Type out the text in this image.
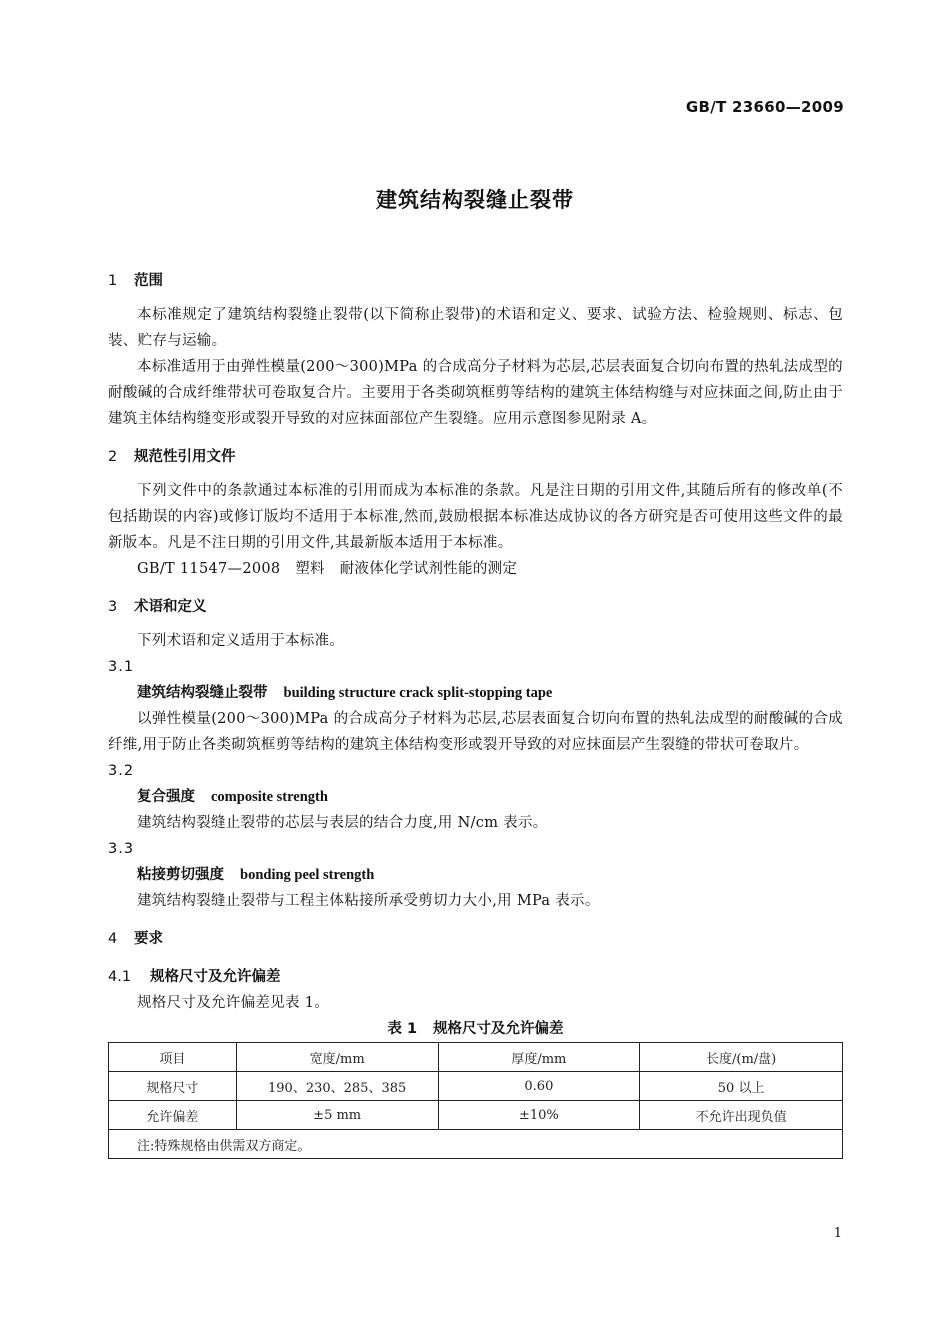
GB/T 23660—2009
建筑结构裂缝止裂带
1 范围

本标准规定了建筑结构裂缝止裂带(以下简称止裂带)的术语和定义、要求、试验方法、检验规则、标志、包装、贮存与运输。

本标准适用于由弹性模量(200～300)MPa 的合成高分子材料为芯层,芯层表面复合切向布置的热轧法成型的耐酸碱的合成纤维带状可卷取复合片。主要用于各类砌筑框剪等结构的建筑主体结构缝与对应抹面之间,防止由于建筑主体结构缝变形或裂开导致的对应抹面部位产生裂缝。应用示意图参见附录 A。

2 规范性引用文件

下列文件中的条款通过本标准的引用而成为本标准的条款。凡是注日期的引用文件,其随后所有的修改单(不包括勘误的内容)或修订版均不适用于本标准,然而,鼓励根据本标准达成协议的各方研究是否可使用这些文件的最新版本。凡是不注日期的引用文件,其最新版本适用于本标准。

GB/T 11547—2008　塑料　耐液体化学试剂性能的测定

3 术语和定义

下列术语和定义适用于本标准。

3.1
建筑结构裂缝止裂带 building structure crack split-stopping tape

以弹性模量(200～300)MPa 的合成高分子材料为芯层,芯层表面复合切向布置的热轧法成型的耐酸碱的合成纤维,用于防止各类砌筑框剪等结构的建筑主体结构变形或裂开导致的对应抹面层产生裂缝的带状可卷取片。

3.2
复合强度 composite strength

建筑结构裂缝止裂带的芯层与表层的结合力度,用 N/cm 表示。

3.3
粘接剪切强度 bonding peel strength

建筑结构裂缝止裂带与工程主体粘接所承受剪切力大小,用 MPa 表示。

4 要求
4.1 规格尺寸及允许偏差

规格尺寸及允许偏差见表 1。

表 1 规格尺寸及允许偏差
项目	宽度/mm	厚度/mm	长度/(m/盘)
规格尺寸	190、230、285、385	0.60	50 以上
允许偏差	±5 mm	±10%	不允许出现负值
注:特殊规格由供需双方商定。			
1
